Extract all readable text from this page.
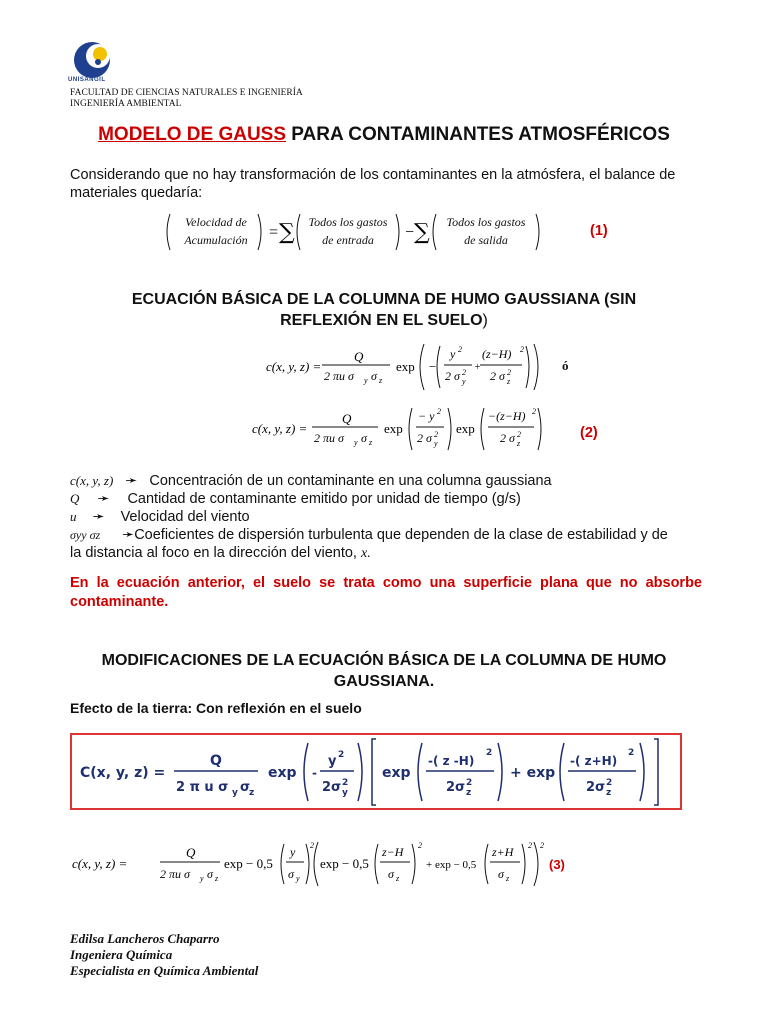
UNISANGIL
FACULTAD DE CIENCIAS NATURALES E INGENIERÍA
INGENIERÍA AMBIENTAL
MODELO DE GAUSS PARA CONTAMINANTES ATMOSFÉRICOS
Considerando que no hay transformación de los contaminantes en la atmósfera, el balance de materiales quedaría:
= ∑	− ∑
Velocidad de
Acumulación
Todos los gastos
de entrada
Todos los gastos
de salida
(1)
ECUACIÓN BÁSICA DE LA COLUMNA DE HUMO GAUSSIANA (SIN
REFLEXIÓN EN EL SUELO)
c(x, y, z) =
Q
2 πu σ y σ z
exp −
y 2
2 σ y
2 +
(z−H) 2
2 σ z
2	ó
c(x, y, z) =
Q
2 πu σ y σ z
exp
− y 2
2 σ y
2 exp
−(z−H) 2
2 σ z
2	(2)
c(x, y, z) ➛ Concentración de un contaminante en una columna gaussiana
Q ➛ Cantidad de contaminante emitido por unidad de tiempo (g/s)
u ➛ Velocidad del viento
σyy σz ➛Coeficientes de dispersión turbulenta que dependen de la clase de estabilidad y de
la distancia al foco en la dirección del viento, x.
En la ecuación anterior, el suelo se trata como una superficie plana que no absorbe contaminante.
MODIFICACIONES DE LA ECUACIÓN BÁSICA DE LA COLUMNA DE HUMO
GAUSSIANA.
Efecto de la tierra: Con reflexión en el suelo
C(x, y, z) =
Q
2 π u σ y σ
z
exp -
y 2
2σ y
2
exp
-( z -H)
2
2σ z
2
+ exp
-( z+H)
2
2σ z
2
c(x, y, z) =
Q
2 πu σ y σ z
exp − 0,5
y
σ y
2
exp − 0,5
z−H
σ z
2
+ exp − 0,5
z+H
σ z
2 2
(3)
Edilsa Lancheros Chaparro
Ingeniera Química
Especialista en Química Ambiental
